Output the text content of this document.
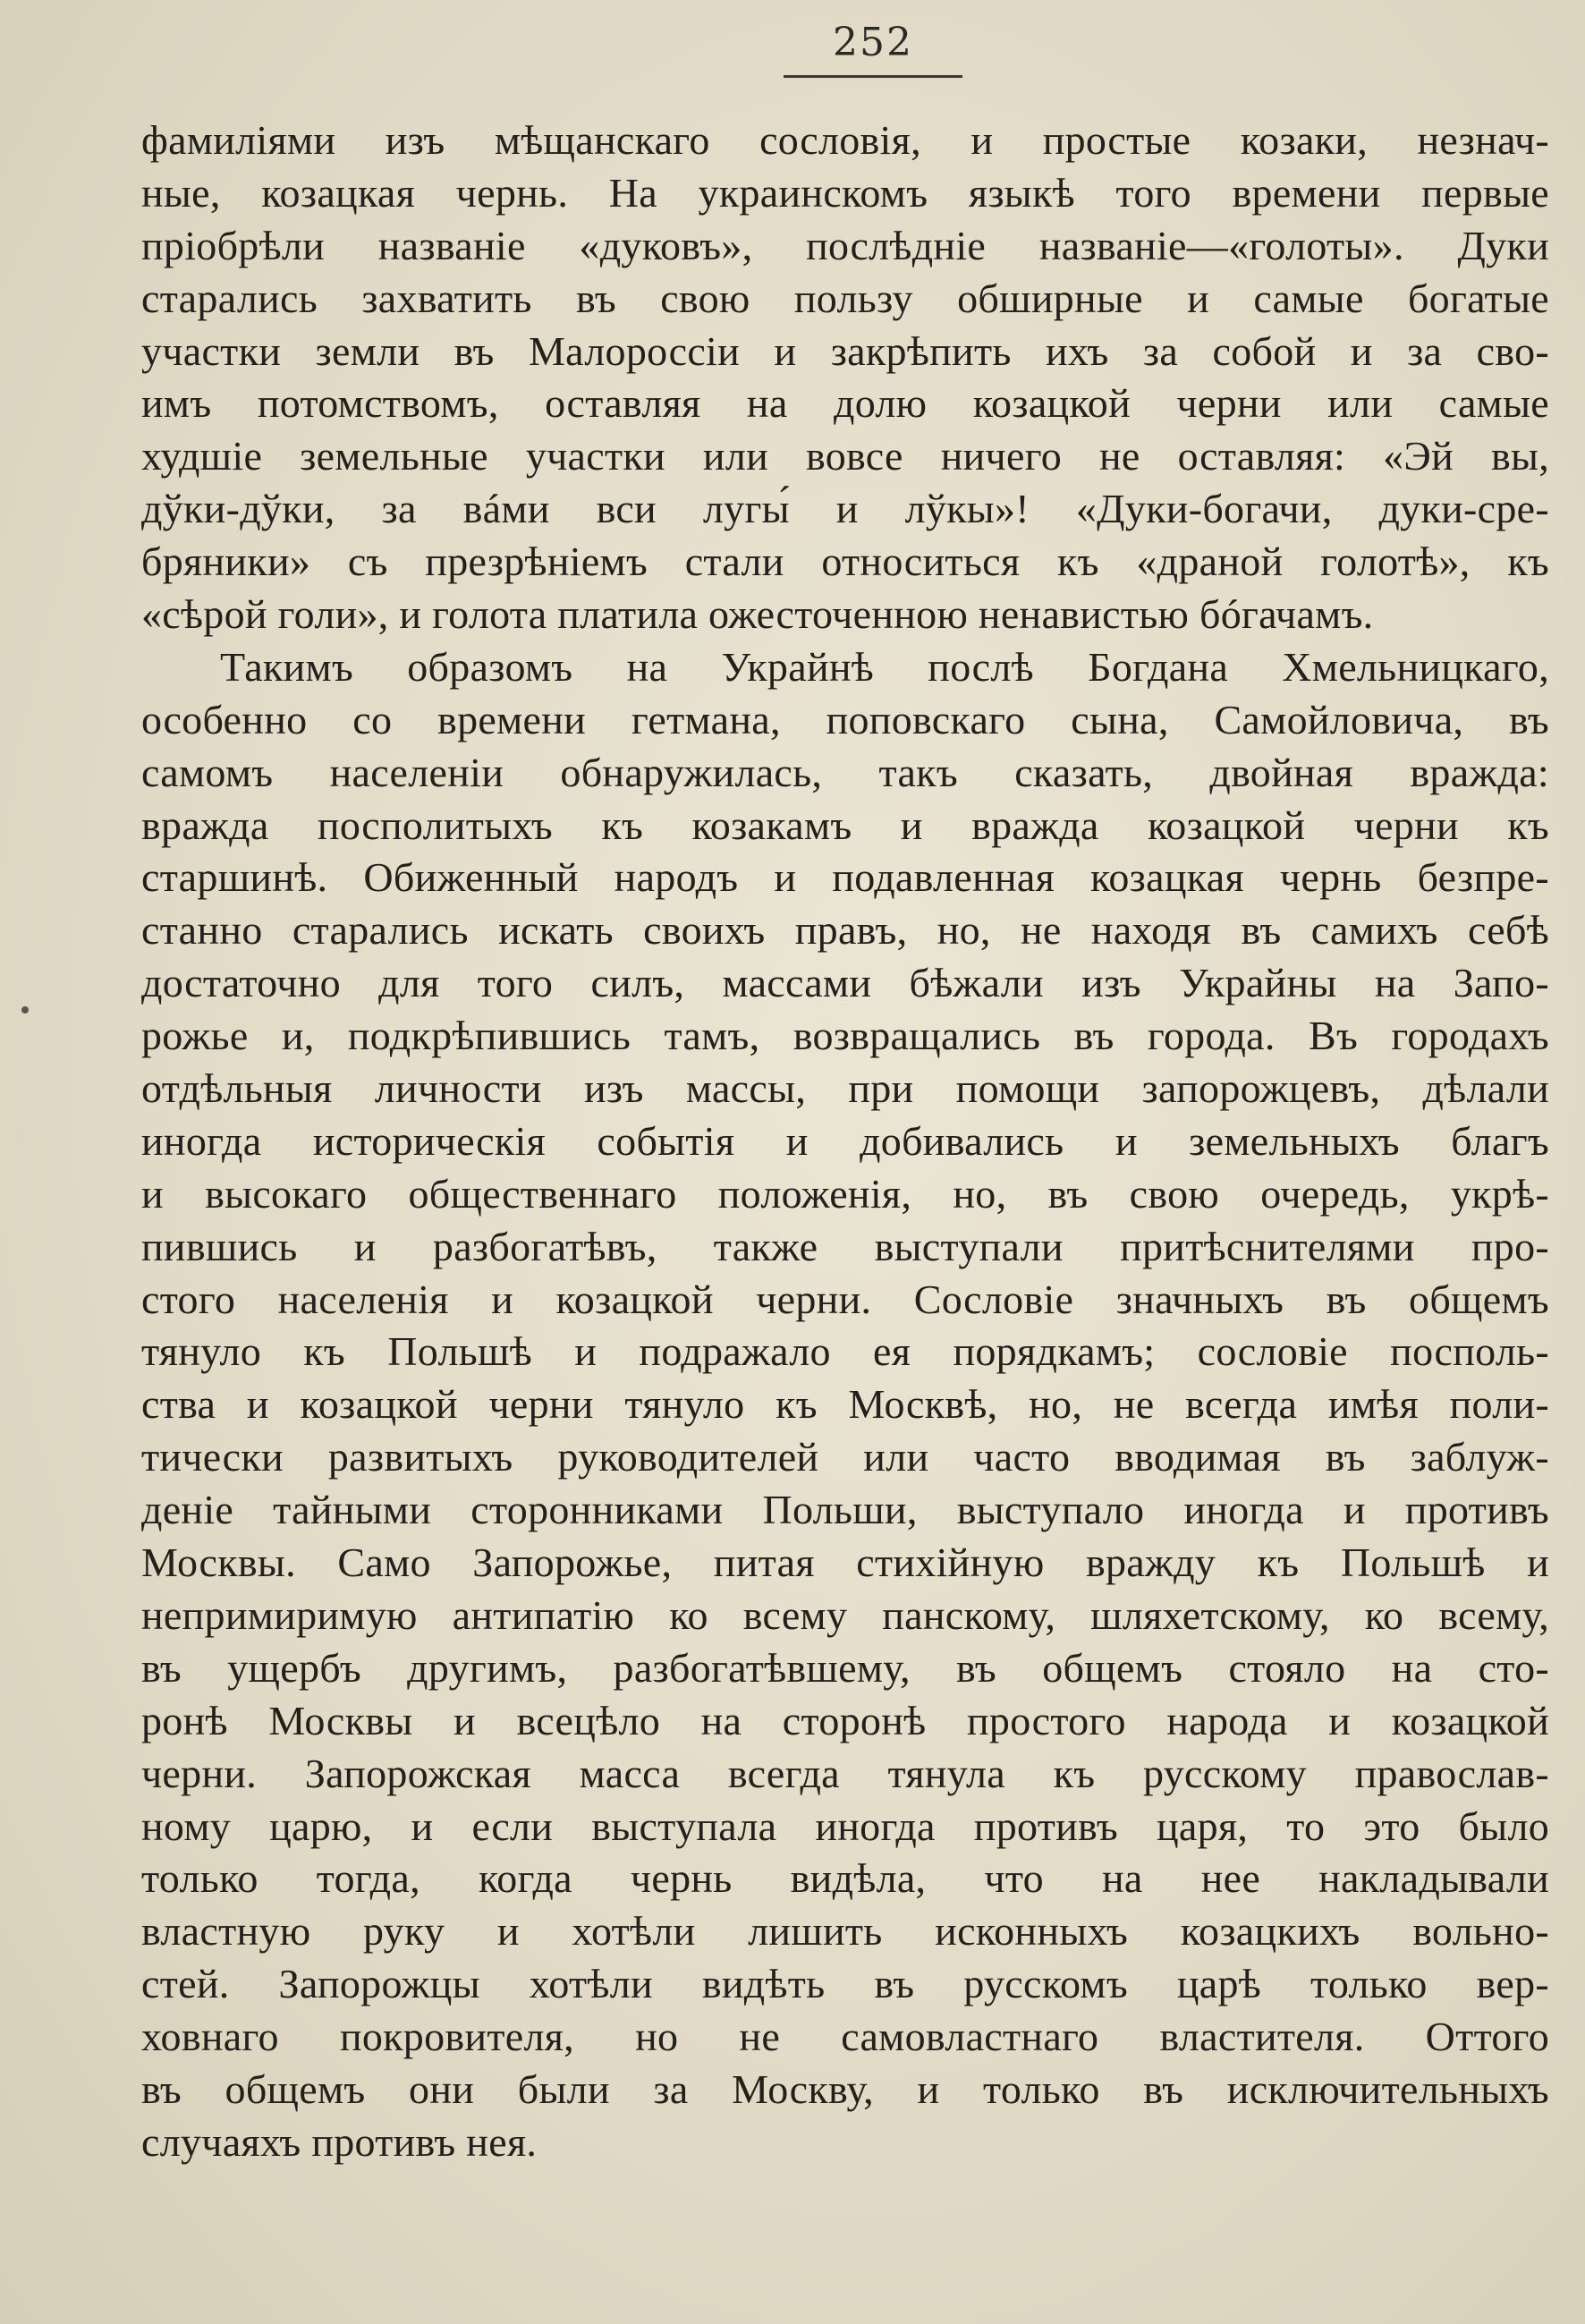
252
фамиліями изъ мѣщанскаго сословія, и простые козаки, незнач-
ные, козацкая чернь. На украинскомъ языкѣ того времени первые
пріобрѣли названіе «дуковъ», послѣдніе названіе—«голоты». Дуки
старались захватить въ свою пользу обширные и самые богатые
участки земли въ Малороссіи и закрѣпить ихъ за собой и за сво-
имъ потомствомъ, оставляя на долю козацкой черни или самые
худшіе земельные участки или вовсе ничего не оставляя: «Эй вы,
дўки-дўки, за вáми вси лугы́ и лўкы»! «Дуки-богачи, дуки-сре-
бряники» съ презрѣніемъ стали относиться къ «драной голотѣ», къ
«сѣрой голи», и голота платила ожесточенною ненавистью бóгачамъ.
Такимъ образомъ на Украйнѣ послѣ Богдана Хмельницкаго,
особенно со времени гетмана, поповскаго сына, Самойловича, въ
самомъ населеніи обнаружилась, такъ сказать, двойная вражда:
вражда посполитыхъ къ козакамъ и вражда козацкой черни къ
старшинѣ. Обиженный народъ и подавленная козацкая чернь безпре-
станно старались искать своихъ правъ, но, не находя въ самихъ себѣ
достаточно для того силъ, массами бѣжали изъ Украйны на Запо-
рожье и, подкрѣпившись тамъ, возвращались въ города. Въ городахъ
отдѣльныя личности изъ массы, при помощи запорожцевъ, дѣлали
иногда историческія событія и добивались и земельныхъ благъ
и высокаго общественнаго положенія, но, въ свою очередь, укрѣ-
пившись и разбогатѣвъ, также выступали притѣснителями про-
стого населенія и козацкой черни. Сословіе значныхъ въ общемъ
тянуло къ Польшѣ и подражало ея порядкамъ; сословіе посполь-
ства и козацкой черни тянуло къ Москвѣ, но, не всегда имѣя поли-
тически развитыхъ руководителей или часто вводимая въ заблуж-
деніе тайными сторонниками Польши, выступало иногда и противъ
Москвы. Само Запорожье, питая стихійную вражду къ Польшѣ и
непримиримую антипатію ко всему панскому, шляхетскому, ко всему,
въ ущербъ другимъ, разбогатѣвшему, въ общемъ стояло на сто-
ронѣ Москвы и всецѣло на сторонѣ простого народа и козацкой
черни. Запорожская масса всегда тянула къ русскому православ-
ному царю, и если выступала иногда противъ царя, то это было
только тогда, когда чернь видѣла, что на нее накладывали
властную руку и хотѣли лишить исконныхъ козацкихъ вольно-
стей. Запорожцы хотѣли видѣть въ русскомъ царѣ только вер-
ховнаго покровителя, но не самовластнаго властителя. Оттого
въ общемъ они были за Москву, и только въ исключительныхъ
случаяхъ противъ нея.
